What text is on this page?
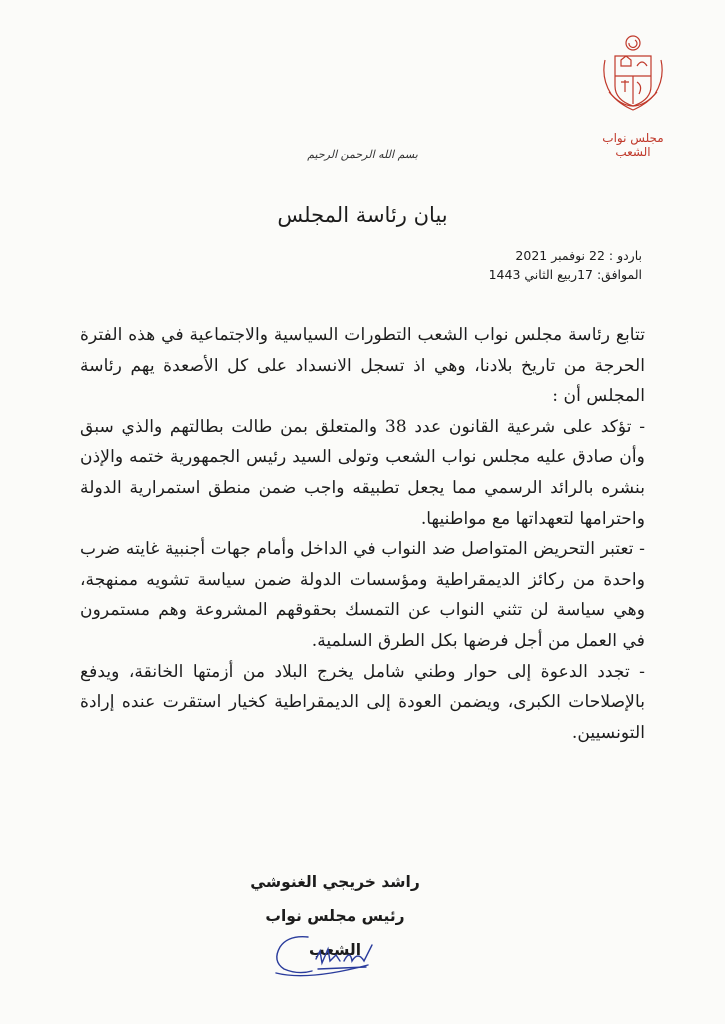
مجلس نواب الشعب
بسم الله الرحمن الرحيم
بيان رئاسة المجلس
باردو : 22 نوفمبر 2021
الموافق: 17ربيع الثاني 1443

تتابع رئاسة مجلس نواب الشعب التطورات السياسية والاجتماعية في هذه الفترة الحرجة من تاريخ بلادنا، وهي اذ تسجل الانسداد على كل الأصعدة يهم رئاسة المجلس أن :

- تؤكد على شرعية القانون عدد 38 والمتعلق بمن طالت بطالتهم والذي سبق وأن صادق عليه مجلس نواب الشعب وتولى السيد رئيس الجمهورية ختمه والإذن بنشره بالرائد الرسمي مما يجعل تطبيقه واجب ضمن منطق استمرارية الدولة واحترامها لتعهداتها مع مواطنيها.

- تعتبر التحريض المتواصل ضد النواب في الداخل وأمام جهات أجنبية غايته ضرب واحدة من ركائز الديمقراطية ومؤسسات الدولة ضمن سياسة تشويه ممنهجة، وهي سياسة لن تثني النواب عن التمسك بحقوقهم المشروعة وهم مستمرون في العمل من أجل فرضها بكل الطرق السلمية.

- تجدد الدعوة إلى حوار وطني شامل يخرج البلاد من أزمتها الخانقة، ويدفع بالإصلاحات الكبرى، ويضمن العودة إلى الديمقراطية كخيار استقرت عنده إرادة التونسيين.

راشد خريجي الغنوشي
رئيس مجلس نواب الشعب
